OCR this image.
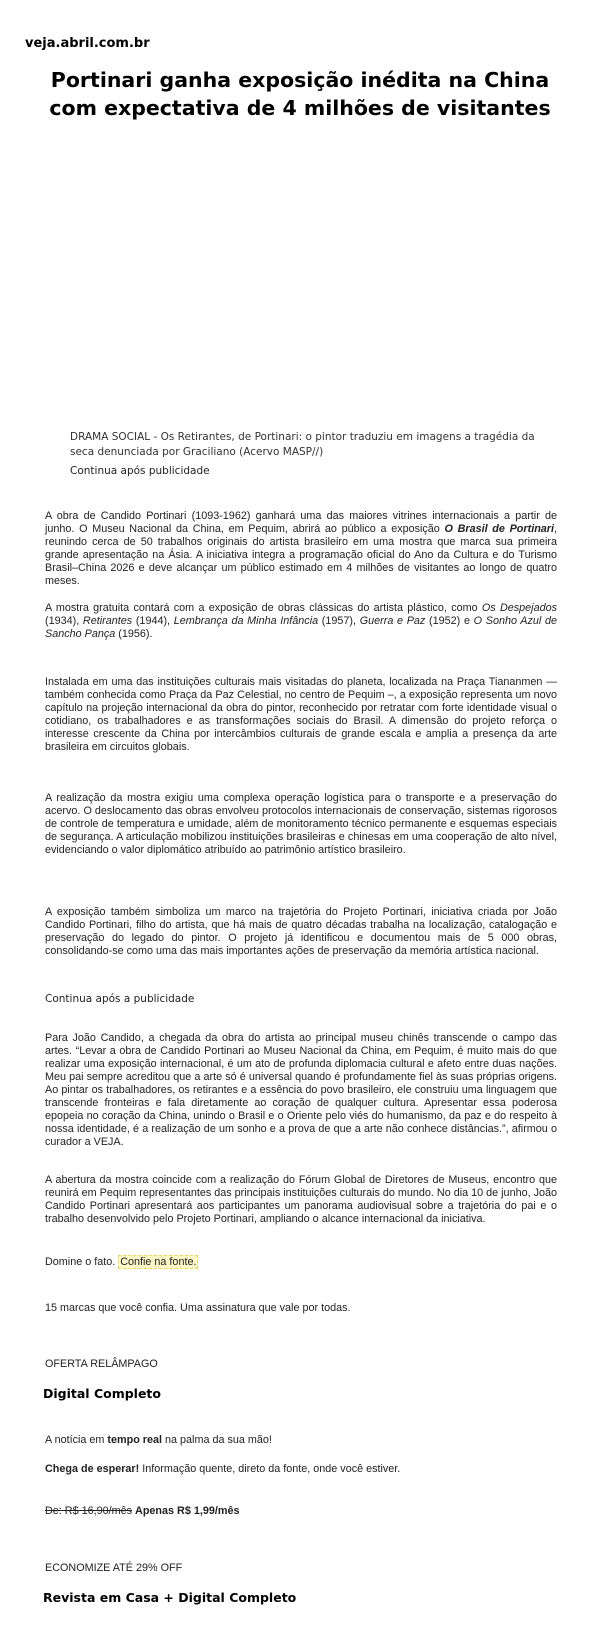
veja.abril.com.br
Portinari ganha exposição inédita na China com expectativa de 4 milhões de visitantes
DRAMA SOCIAL - Os Retirantes, de Portinari: o pintor traduziu em imagens a tragédia da seca denunciada por Graciliano (Acervo MASP//)
Continua após publicidade

A obra de Candido Portinari (1093-1962) ganhará uma das maiores vitrines internacionais a partir de junho. O Museu Nacional da China, em Pequim, abrirá ao público a exposição O Brasil de Portinari, reunindo cerca de 50 trabalhos originais do artista brasileiro em uma mostra que marca sua primeira grande apresentação na Ásia. A iniciativa integra a programação oficial do Ano da Cultura e do Turismo Brasil–China 2026 e deve alcançar um público estimado em 4 milhões de visitantes ao longo de quatro meses.

A mostra gratuita contará com a exposição de obras clássicas do artista plástico, como Os Despejados (1934), Retirantes (1944), Lembrança da Minha Infância (1957), Guerra e Paz (1952) e O Sonho Azul de Sancho Pança (1956).

Instalada em uma das instituições culturais mais visitadas do planeta, localizada na Praça Tiananmen — também conhecida como Praça da Paz Celestial, no centro de Pequim –, a exposição representa um novo capítulo na projeção internacional da obra do pintor, reconhecido por retratar com forte identidade visual o cotidiano, os trabalhadores e as transformações sociais do Brasil. A dimensão do projeto reforça o interesse crescente da China por intercâmbios culturais de grande escala e amplia a presença da arte brasileira em circuitos globais.

A realização da mostra exigiu uma complexa operação logística para o transporte e a preservação do acervo. O deslocamento das obras envolveu protocolos internacionais de conservação, sistemas rigorosos de controle de temperatura e umidade, além de monitoramento técnico permanente e esquemas especiais de segurança. A articulação mobilizou instituições brasileiras e chinesas em uma cooperação de alto nível, evidenciando o valor diplomático atribuído ao patrimônio artístico brasileiro.

A exposição também simboliza um marco na trajetória do Projeto Portinari, iniciativa criada por João Candido Portinari, filho do artista, que há mais de quatro décadas trabalha na localização, catalogação e preservação do legado do pintor. O projeto já identificou e documentou mais de 5 000 obras, consolidando-se como uma das mais importantes ações de preservação da memória artística nacional.

Continua após a publicidade

Para João Candido, a chegada da obra do artista ao principal museu chinês transcende o campo das artes. “Levar a obra de Candido Portinari ao Museu Nacional da China, em Pequim, é muito mais do que realizar uma exposição internacional, é um ato de profunda diplomacia cultural e afeto entre duas nações. Meu pai sempre acreditou que a arte só é universal quando é profundamente fiel às suas próprias origens. Ao pintar os trabalhadores, os retirantes e a essência do povo brasileiro, ele construiu uma linguagem que transcende fronteiras e fala diretamente ao coração de qualquer cultura. Apresentar essa poderosa epopeia no coração da China, unindo o Brasil e o Oriente pelo viés do humanismo, da paz e do respeito à nossa identidade, é a realização de um sonho e a prova de que a arte não conhece distâncias.”, afirmou o curador a VEJA.

A abertura da mostra coincide com a realização do Fórum Global de Diretores de Museus, encontro que reunirá em Pequim representantes das principais instituições culturais do mundo. No dia 10 de junho, João Candido Portinari apresentará aos participantes um panorama audiovisual sobre a trajetória do pai e o trabalho desenvolvido pelo Projeto Portinari, ampliando o alcance internacional da iniciativa.

Domine o fato. Confie na fonte.
15 marcas que você confia. Uma assinatura que vale por todas.
OFERTA RELÂMPAGO
Digital Completo
A notícia em tempo real na palma da sua mão!
Chega de esperar! Informação quente, direto da fonte, onde você estiver.
De: R$ 16,90/mês Apenas R$ 1,99/mês
ECONOMIZE ATÉ 29% OFF
Revista em Casa + Digital Completo
